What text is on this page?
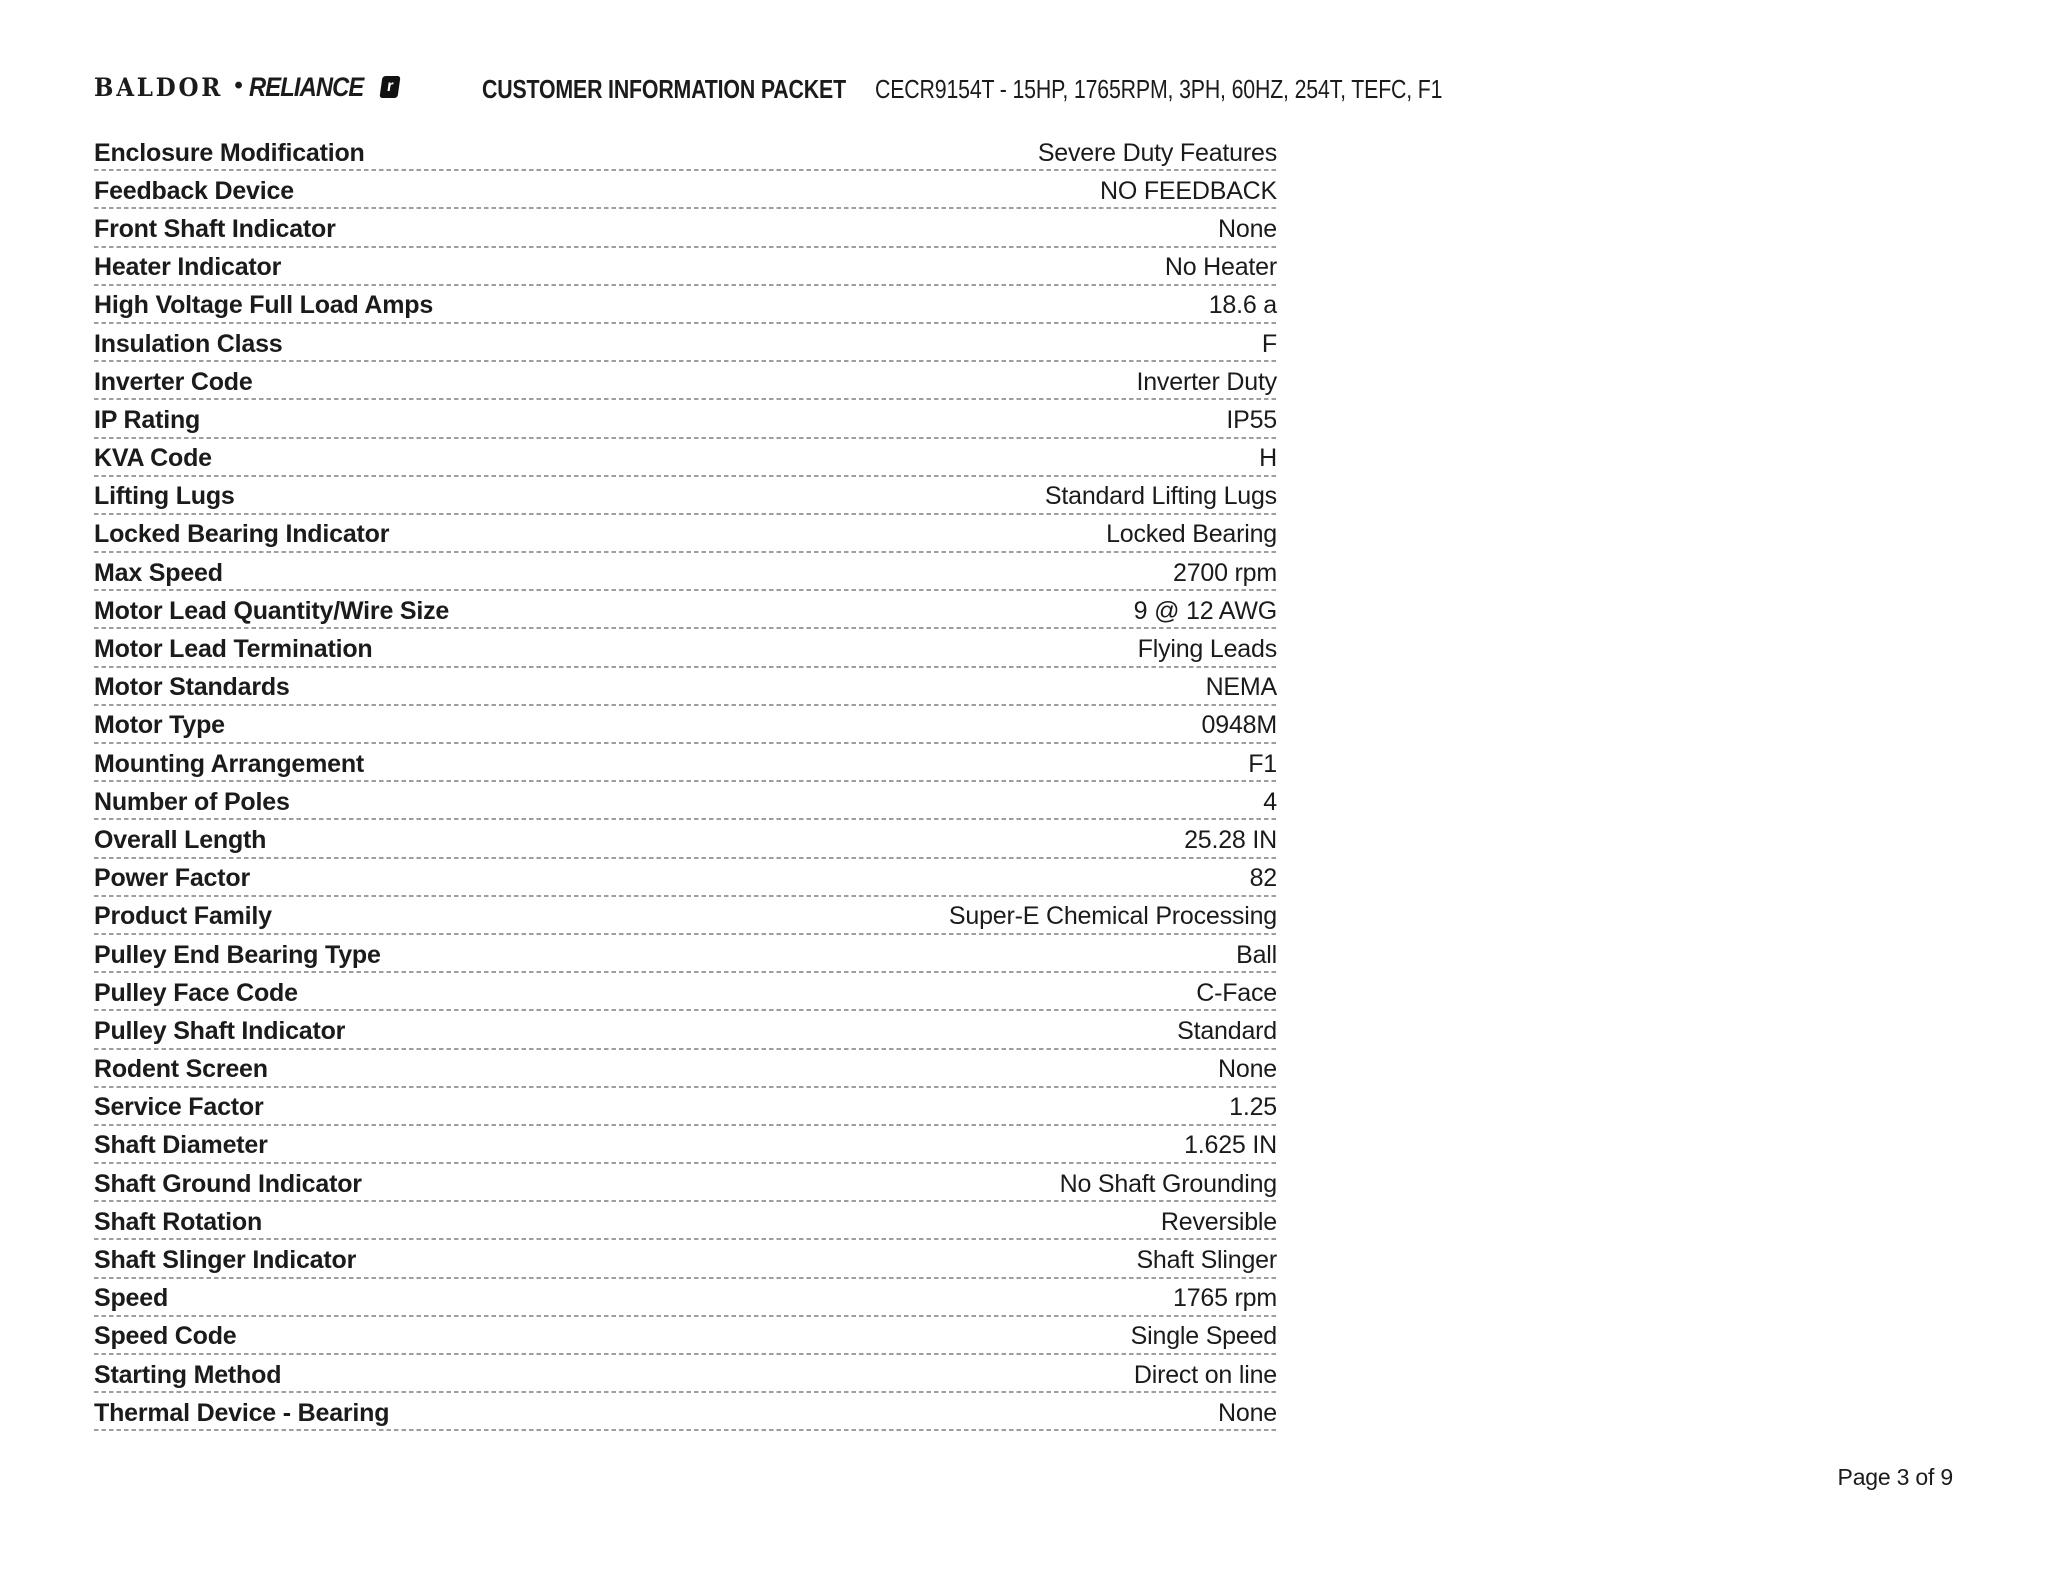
BALDOR • RELIANCE	r	CUSTOMER INFORMATION PACKET CECR9154T - 15HP, 1765RPM, 3PH, 60HZ, 254T, TEFC, F1
Enclosure Modification	Severe Duty Features
Feedback Device	NO FEEDBACK
Front Shaft Indicator	None
Heater Indicator	No Heater
High Voltage Full Load Amps	18.6 a
Insulation Class	F
Inverter Code	Inverter Duty
IP Rating	IP55
KVA Code	H
Lifting Lugs	Standard Lifting Lugs
Locked Bearing Indicator	Locked Bearing
Max Speed	2700 rpm
Motor Lead Quantity/Wire Size	9 @ 12 AWG
Motor Lead Termination	Flying Leads
Motor Standards	NEMA
Motor Type	0948M
Mounting Arrangement	F1
Number of Poles	4
Overall Length	25.28 IN
Power Factor	82
Product Family	Super-E Chemical Processing
Pulley End Bearing Type	Ball
Pulley Face Code	C-Face
Pulley Shaft Indicator	Standard
Rodent Screen	None
Service Factor	1.25
Shaft Diameter	1.625 IN
Shaft Ground Indicator	No Shaft Grounding
Shaft Rotation	Reversible
Shaft Slinger Indicator	Shaft Slinger
Speed	1765 rpm
Speed Code	Single Speed
Starting Method	Direct on line
Thermal Device - Bearing	None
Page 3 of 9
